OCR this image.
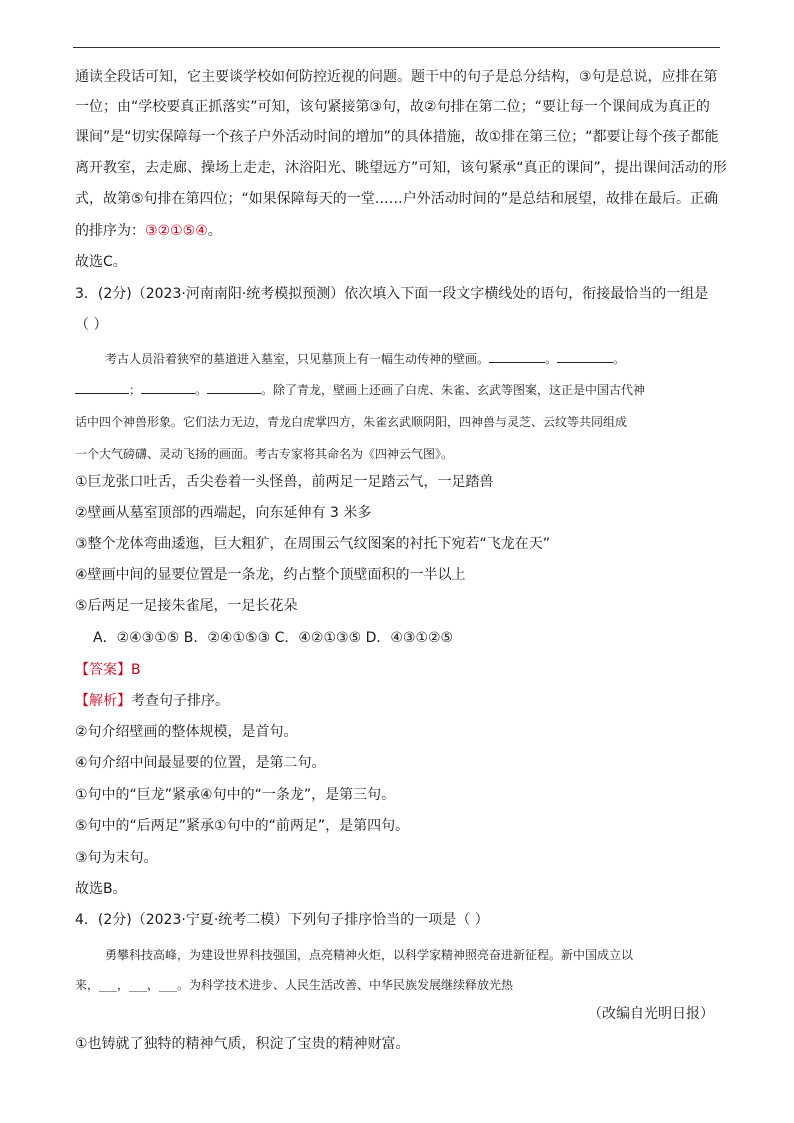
通读全段话可知，它主要谈学校如何防控近视的问题。题干中的句子是总分结构，③句是总说，应排在第
一位；由“学校要真正抓落实”可知，该句紧接第③句，故②句排在第二位；“要让每一个课间成为真正的
课间”是“切实保障每一个孩子户外活动时间的增加”的具体措施，故①排在第三位；“都要让每个孩子都能
离开教室，去走廊、操场上走走，沐浴阳光、眺望远方”可知，该句紧承“真正的课间”，提出课间活动的形
式，故第⑤句排在第四位；“如果保障每天的一堂……户外活动时间的”是总结和展望，故排在最后。正确
的排序为：③②①⑤④。
故选C。
3．(2分)（2023·河南南阳·统考模拟预测）依次填入下面一段文字横线处的语句，衔接最恰当的一组是
（ ）
考古人员沿着狭窄的墓道进入墓室，只见墓顶上有一幅生动传神的壁画。	。	。
；	。	。除了青龙，壁画上还画了白虎、朱雀、玄武等图案，这正是中国古代神
话中四个神兽形象。它们法力无边，青龙白虎掌四方，朱雀玄武顺阴阳，四神兽与灵芝、云纹等共同组成
一个大气磅礴、灵动飞扬的画面。考古专家将其命名为《四神云气图》。
①巨龙张口吐舌，舌尖卷着一头怪兽，前两足一足踏云气，一足踏兽
②壁画从墓室顶部的西端起，向东延伸有 3 米多
③整个龙体弯曲逶迤，巨大粗犷，在周围云气纹图案的衬托下宛若“飞龙在天”
④壁画中间的显要位置是一条龙，约占整个顶壁面积的一半以上
⑤后两足一足接朱雀尾，一足长花朵
A．②④③①⑤ B．②④①⑤③ C．④②①③⑤ D．④③①②⑤
【答案】B
【解析】考查句子排序。
②句介绍壁画的整体规模，是首句。
④句介绍中间最显要的位置，是第二句。
①句中的“巨龙”紧承④句中的“一条龙”，是第三句。
⑤句中的“后两足”紧承①句中的“前两足”，是第四句。
③句为末句。
故选B。
4．(2分)（2023·宁夏·统考二模）下列句子排序恰当的一项是（ ）
勇攀科技高峰，为建设世界科技强国，点亮精神火炬，以科学家精神照亮奋进新征程。新中国成立以
来，___，___，___。为科学技术进步、人民生活改善、中华民族发展继续释放光热
（改编自光明日报）
①也铸就了独特的精神气质，积淀了宝贵的精神财富。
